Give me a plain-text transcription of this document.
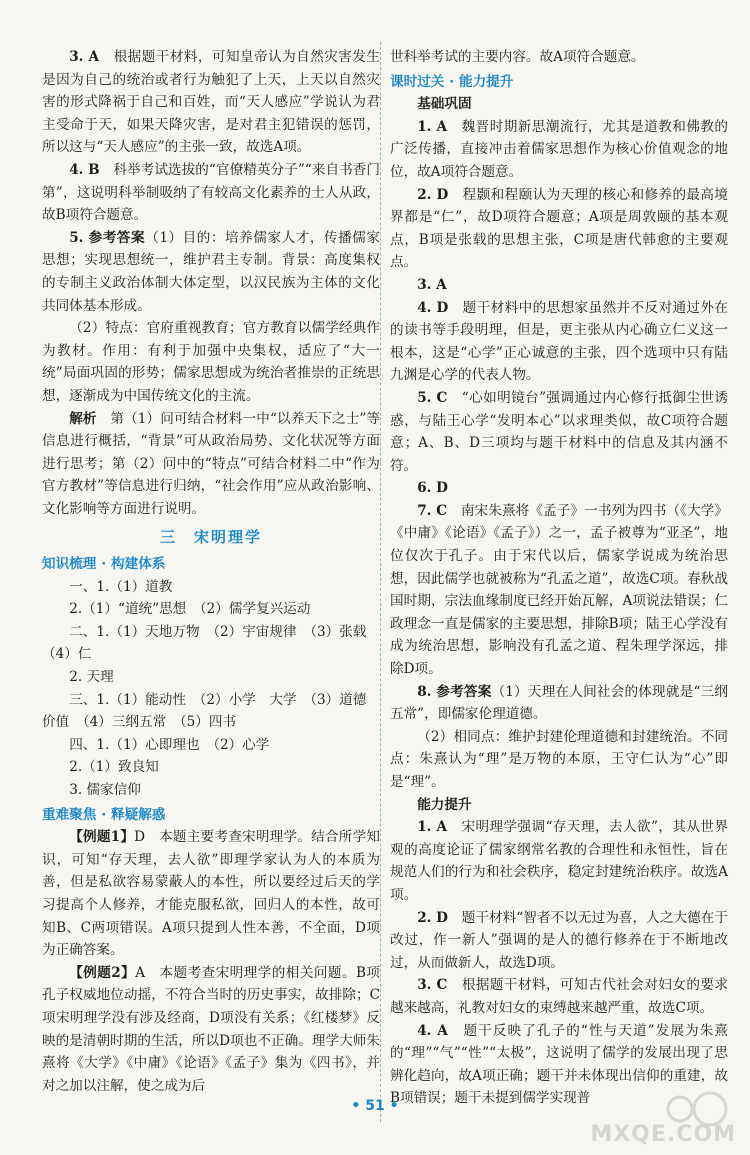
3. A　根据题干材料，可知皇帝认为自然灾害发生是因为自己的统治或者行为触犯了上天，上天以自然灾害的形式降祸于自己和百姓，而“天人感应”学说认为君主受命于天，如果天降灾害，是对君主犯错误的惩罚，所以这与“天人感应”的主张一致，故选A项。

4. B　科举考试选拔的“官僚精英分子”“来自书香门第”，这说明科举制吸纳了有较高文化素养的士人从政，故B项符合题意。

5. 参考答案（1）目的：培养儒家人才，传播儒家思想；实现思想统一，维护君主专制。背景：高度集权的专制主义政治体制大体定型，以汉民族为主体的文化共同体基本形成。

（2）特点：官府重视教育；官方教育以儒学经典作为教材。作用：有利于加强中央集权，适应了“大一统”局面巩固的形势；儒家思想成为统治者推崇的正统思想，逐渐成为中国传统文化的主流。

解析　第（1）问可结合材料一中“以养天下之士”等信息进行概括，“背景”可从政治局势、文化状况等方面进行思考；第（2）问中的“特点”可结合材料二中“作为官方教材”等信息进行归纳，“社会作用”应从政治影响、文化影响等方面进行说明。

三　宋明理学
知识梳理 · 构建体系

一、1.（1）道教

2.（1）“道统”思想　（2）儒学复兴运动

二、1.（1）天地万物　（2）宇宙规律　（3）张载

（4）仁

2. 天理

三、1.（1）能动性　（2）小学　大学　（3）道德

价值　（4）三纲五常　（5）四书

四、1.（1）心即理也　（2）心学

2.（1）致良知

3. 儒家信仰

重难聚焦 · 释疑解惑

【例题1】D　本题主要考查宋明理学。结合所学知识，可知“存天理，去人欲”即理学家认为人的本质为善，但是私欲容易蒙蔽人的本性，所以要经过后天的学习提高个人修养，才能克服私欲，回归人的本性，故可知B、C两项错误。A项只提到人性本善，不全面，D项为正确答案。

【例题2】A　本题考查宋明理学的相关问题。B项孔子权威地位动摇，不符合当时的历史事实，故排除；C项宋明理学没有涉及经商，D项没有关系；《红楼梦》反映的是清朝时期的生活，所以D项也不正确。理学大师朱熹将《大学》《中庸》《论语》《孟子》集为《四书》，并对之加以注解，使之成为后

世科举考试的主要内容。故A项符合题意。

课时过关 · 能力提升
基础巩固

1. A　魏晋时期新思潮流行，尤其是道教和佛教的广泛传播，直接冲击着儒家思想作为核心价值观念的地位，故A项符合题意。

2. D　程颢和程颐认为天理的核心和修养的最高境界都是“仁”，故D项符合题意；A项是周敦颐的基本观点，B项是张载的思想主张，C项是唐代韩愈的主要观点。

3. A

4. D　题干材料中的思想家虽然并不反对通过外在的读书等手段明理，但是，更主张从内心确立仁义这一根本，这是“心学”正心诚意的主张，四个选项中只有陆九渊是心学的代表人物。

5. C　“心如明镜台”强调通过内心修行抵御尘世诱惑，与陆王心学“发明本心”以求理类似，故C项符合题意；A、B、D三项均与题干材料中的信息及其内涵不符。

6. D

7. C　南宋朱熹将《孟子》一书列为四书（《大学》《中庸》《论语》《孟子》）之一，孟子被尊为“亚圣”，地位仅次于孔子。由于宋代以后，儒家学说成为统治思想，因此儒学也就被称为“孔孟之道”，故选C项。春秋战国时期，宗法血缘制度已经开始瓦解，A项说法错误；仁政理念一直是儒家的主要思想，排除B项；陆王心学没有成为统治思想，影响没有孔孟之道、程朱理学深远，排除D项。

8. 参考答案（1）天理在人间社会的体现就是“三纲五常”，即儒家伦理道德。

（2）相同点：维护封建伦理道德和封建统治。不同点：朱熹认为“理”是万物的本原，王守仁认为“心”即是“理”。

能力提升

1. A　宋明理学强调“存天理，去人欲”，其从世界观的高度论证了儒家纲常名教的合理性和永恒性，旨在规范人们的行为和社会秩序，稳定封建统治秩序。故选A项。

2. D　题干材料“智者不以无过为喜，人之大德在于改过，作一新人”强调的是人的德行修养在于不断地改过，从而做新人，故选D项。

3. C　根据题干材料，可知古代社会对妇女的要求越来越高，礼教对妇女的束缚越来越严重，故选C项。

4. A　题干反映了孔子的“性与天道”发展为朱熹的“理”“气”“性”“太极”，这说明了儒学的发展出现了思辨化趋向，故A项正确；题干并未体现出信仰的重建，故B项错误；题干未提到儒学实现普

• 51 •
MXQE.COM
